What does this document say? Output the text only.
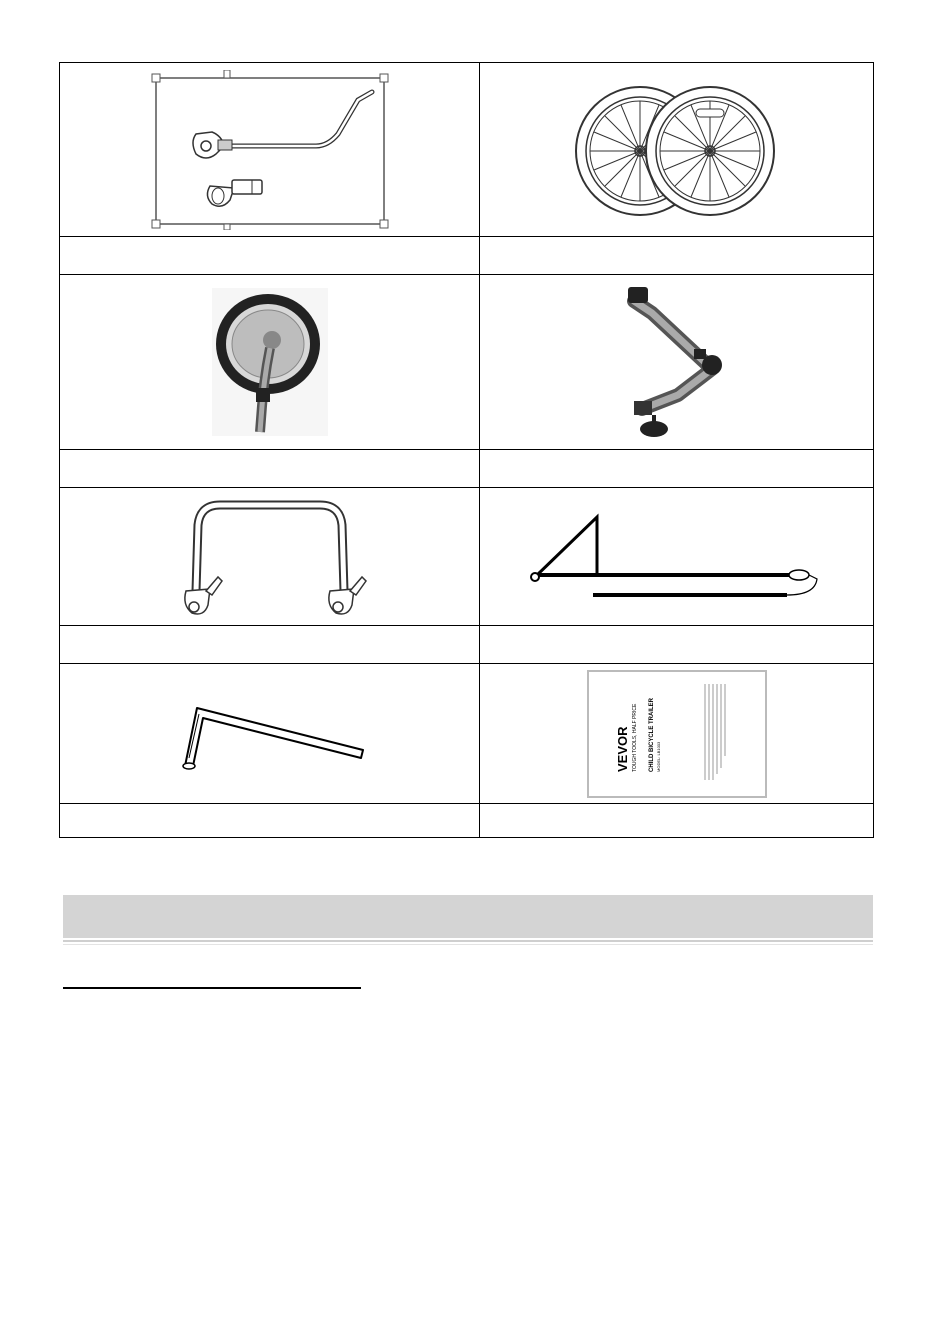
VEVOR TOUGH TOOLS, HALF PRICE CHILD BICYCLE TRAILER MODEL: LB1003
